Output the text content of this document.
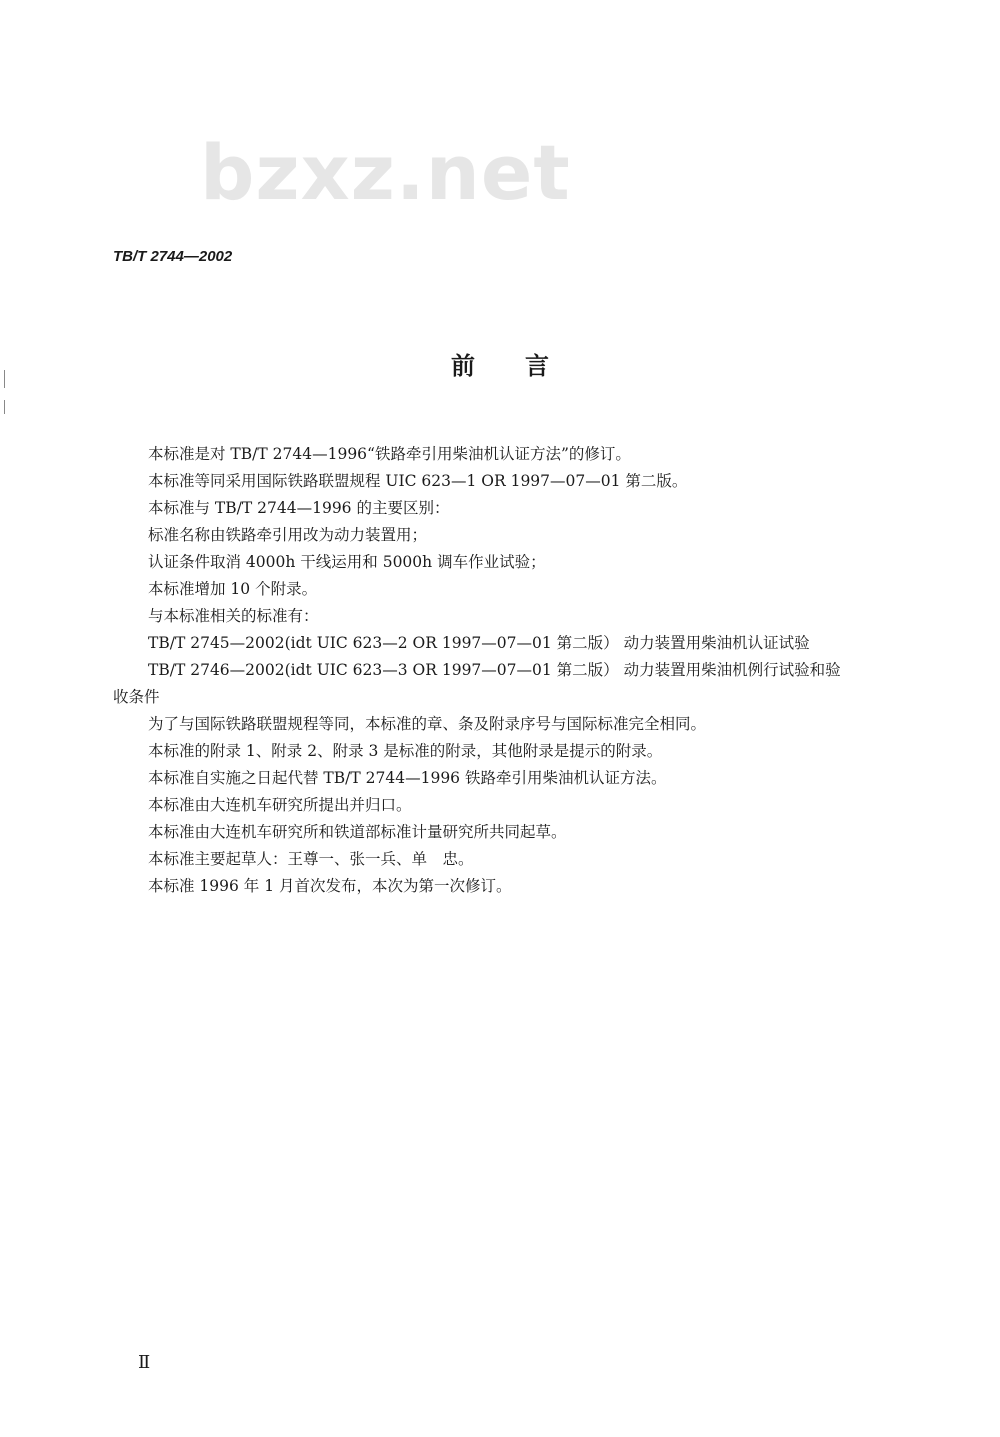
bzxz.net
TB/T 2744—2002
前言
本标准是对 TB/T 2744—1996“铁路牵引用柴油机认证方法”的修订。
本标准等同采用国际铁路联盟规程 UIC 623—1 OR 1997—07—01 第二版。
本标准与 TB/T 2744—1996 的主要区别：
标准名称由铁路牵引用改为动力装置用；
认证条件取消 4000h 干线运用和 5000h 调车作业试验；
本标准增加 10 个附录。
与本标准相关的标准有：
TB/T 2745—2002(idt UIC 623—2 OR 1997—07—01 第二版） 动力装置用柴油机认证试验
TB/T 2746—2002(idt UIC 623—3 OR 1997—07—01 第二版） 动力装置用柴油机例行试验和验
收条件
为了与国际铁路联盟规程等同，本标准的章、条及附录序号与国际标准完全相同。
本标准的附录 1、附录 2、附录 3 是标准的附录，其他附录是提示的附录。
本标准自实施之日起代替 TB/T 2744—1996 铁路牵引用柴油机认证方法。
本标准由大连机车研究所提出并归口。
本标准由大连机车研究所和铁道部标准计量研究所共同起草。
本标准主要起草人：王尊一、张一兵、单　忠。
本标准 1996 年 1 月首次发布，本次为第一次修订。
Ⅱ
